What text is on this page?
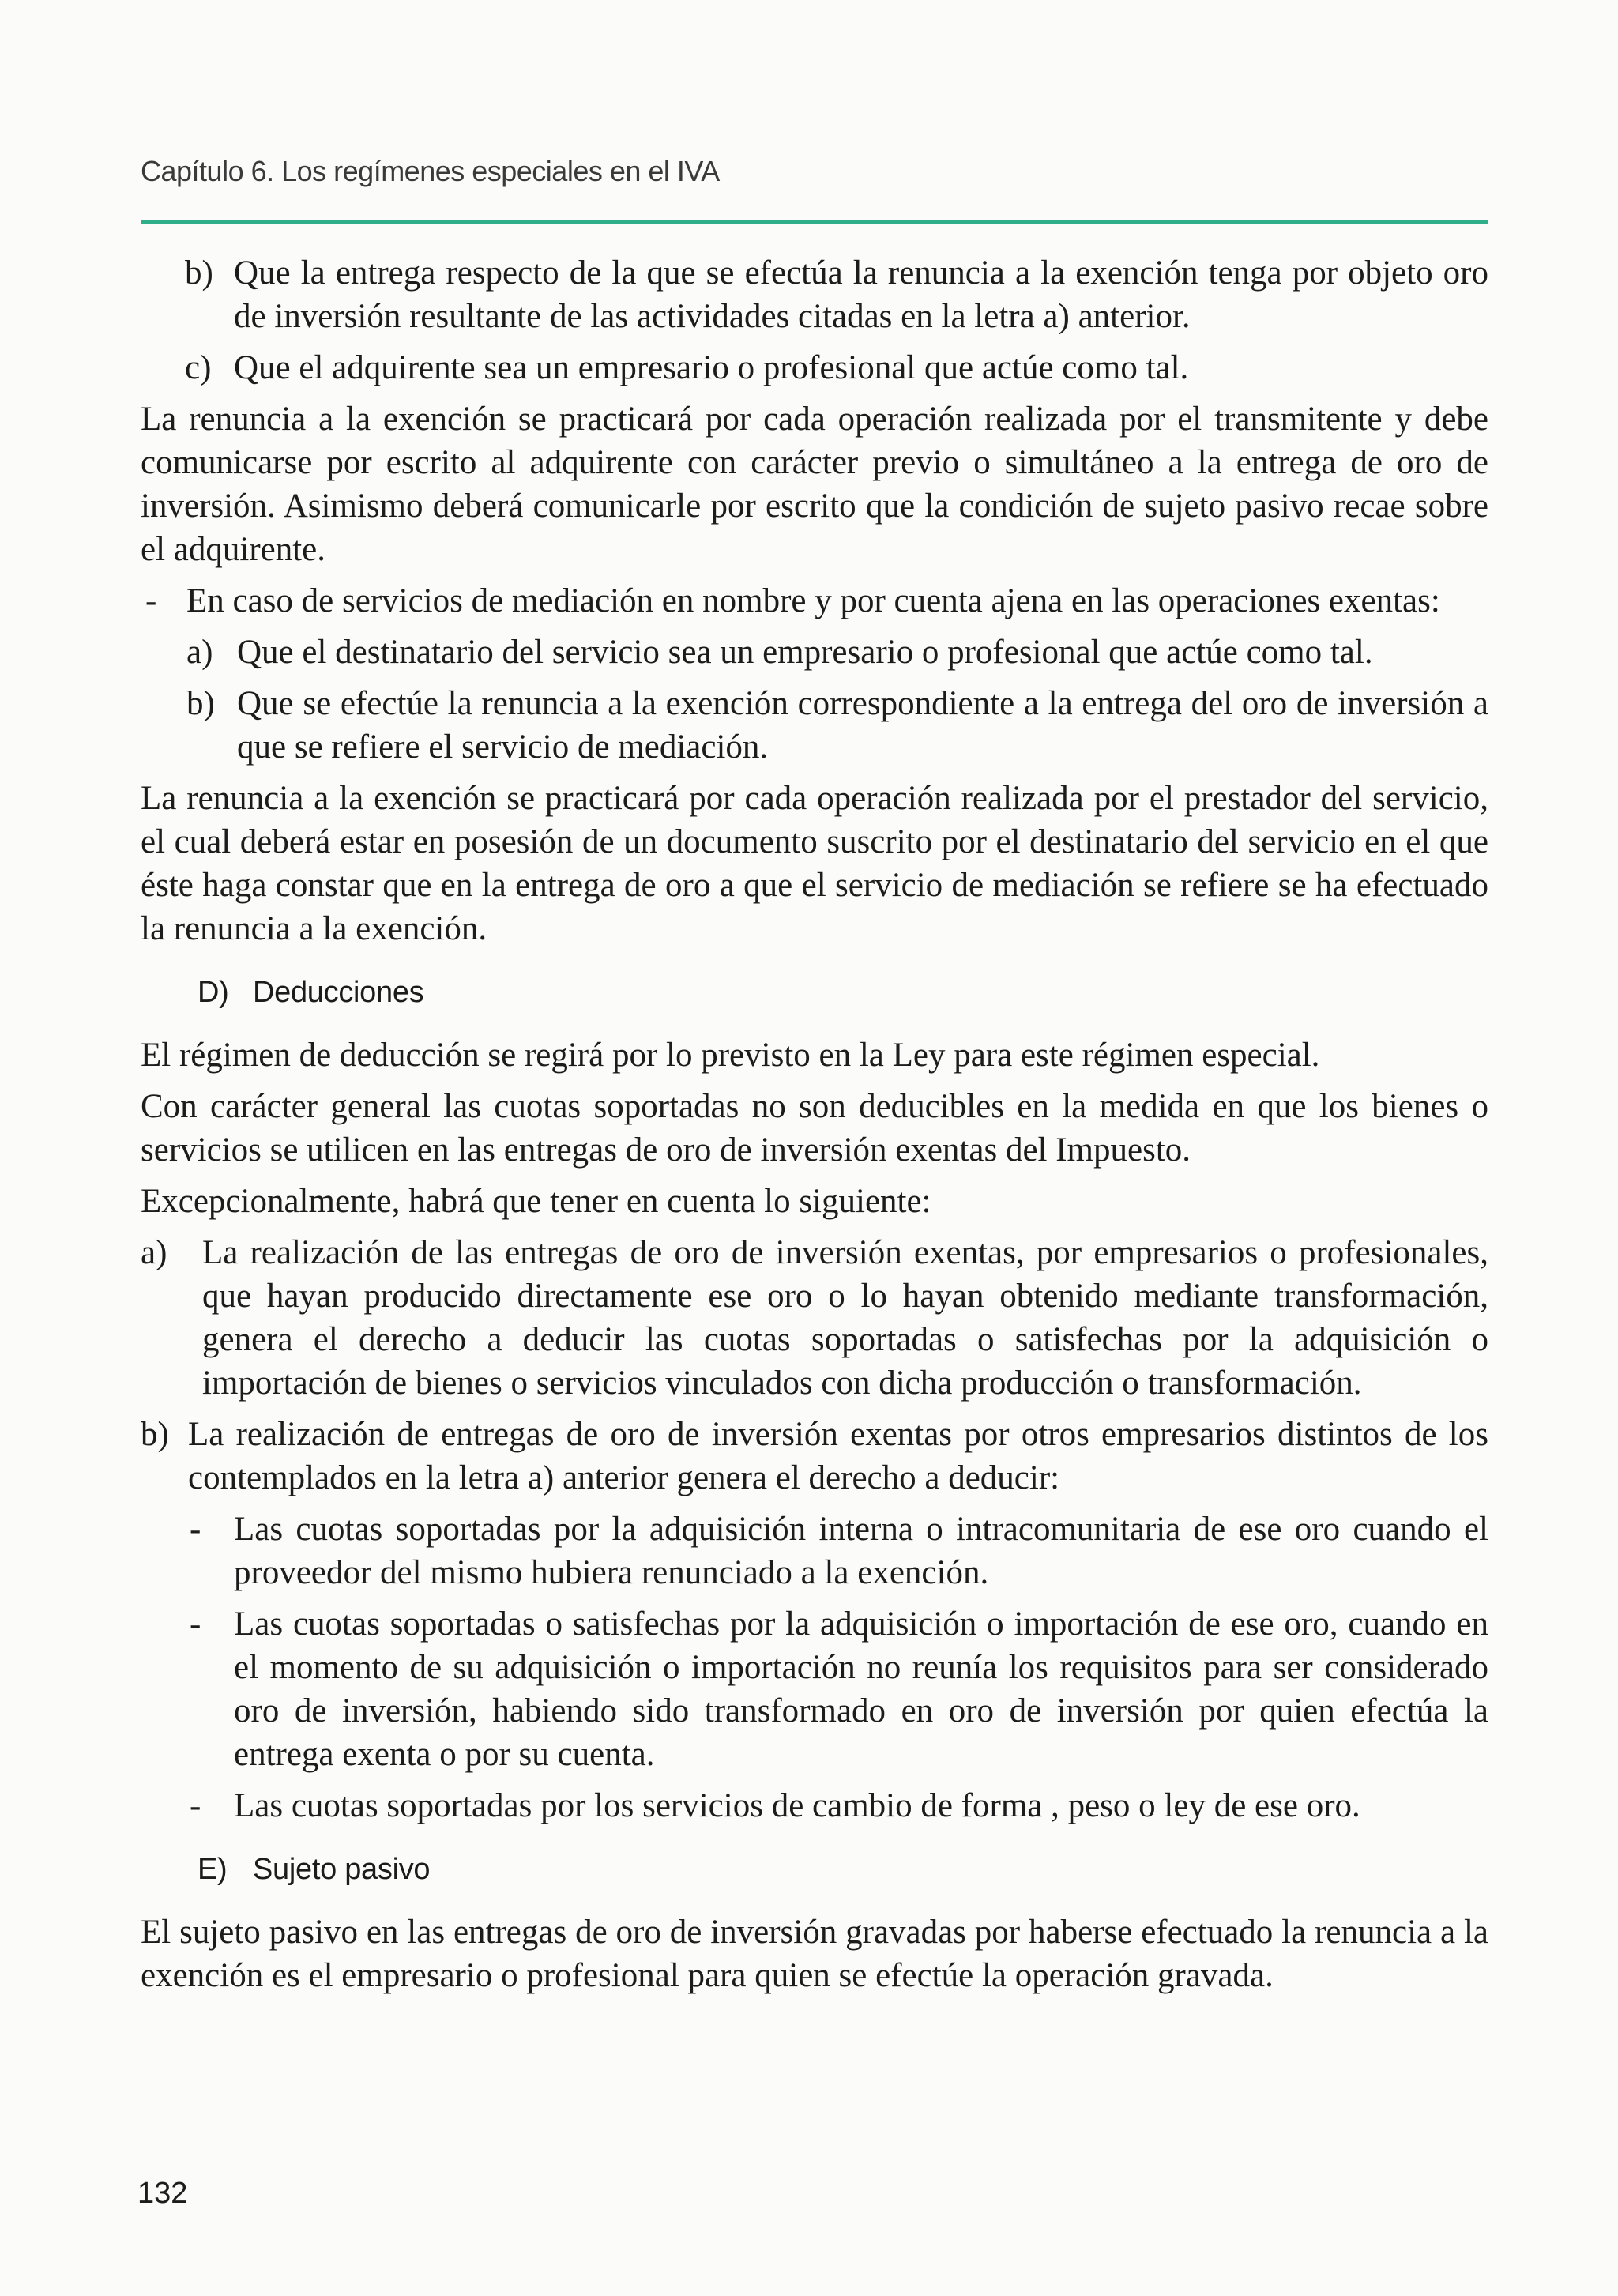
Capítulo 6. Los regímenes especiales en el IVA
b) Que la entrega respecto de la que se efectúa la renuncia a la exención tenga por objeto oro de inversión resultante de las actividades citadas en la letra a) anterior.
c) Que el adquirente sea un empresario o profesional que actúe como tal.

La renuncia a la exención se practicará por cada operación realizada por el transmitente y debe comunicarse por escrito al adquirente con carácter previo o simultáneo a la entrega de oro de inversión. Asimismo deberá comunicarle por escrito que la condición de sujeto pasivo recae sobre el adquirente.

- En caso de servicios de mediación en nombre y por cuenta ajena en las operaciones exentas:
a) Que el destinatario del servicio sea un empresario o profesional que actúe como tal.
b) Que se efectúe la renuncia a la exención correspondiente a la entrega del oro de inversión a que se refiere el servicio de mediación.

La renuncia a la exención se practicará por cada operación realizada por el prestador del servicio, el cual deberá estar en posesión de un documento suscrito por el destinatario del servicio en el que éste haga constar que en la entrega de oro a que el servicio de mediación se refiere se ha efectuado la renuncia a la exención.

D) Deducciones

El régimen de deducción se regirá por lo previsto en la Ley para este régimen especial.

Con carácter general las cuotas soportadas no son deducibles en la medida en que los bienes o servicios se utilicen en las entregas de oro de inversión exentas del Impuesto.

Excepcionalmente, habrá que tener en cuenta lo siguiente:

a) La realización de las entregas de oro de inversión exentas, por empresarios o profesionales, que hayan producido directamente ese oro o lo hayan obtenido mediante transformación, genera el derecho a deducir las cuotas soportadas o satisfechas por la adquisición o importación de bienes o servicios vinculados con dicha producción o transformación.
b) La realización de entregas de oro de inversión exentas por otros empresarios distintos de los contemplados en la letra a) anterior genera el derecho a deducir:
- Las cuotas soportadas por la adquisición interna o intracomunitaria de ese oro cuando el proveedor del mismo hubiera renunciado a la exención.
- Las cuotas soportadas o satisfechas por la adquisición o importación de ese oro, cuando en el momento de su adquisición o importación no reunía los requisitos para ser considerado oro de inversión, habiendo sido transformado en oro de inversión por quien efectúa la entrega exenta o por su cuenta.
- Las cuotas soportadas por los servicios de cambio de forma , peso o ley de ese oro.
E) Sujeto pasivo

El sujeto pasivo en las entregas de oro de inversión gravadas por haberse efectuado la renuncia a la exención es el empresario o profesional para quien se efectúe la operación gravada.

132
